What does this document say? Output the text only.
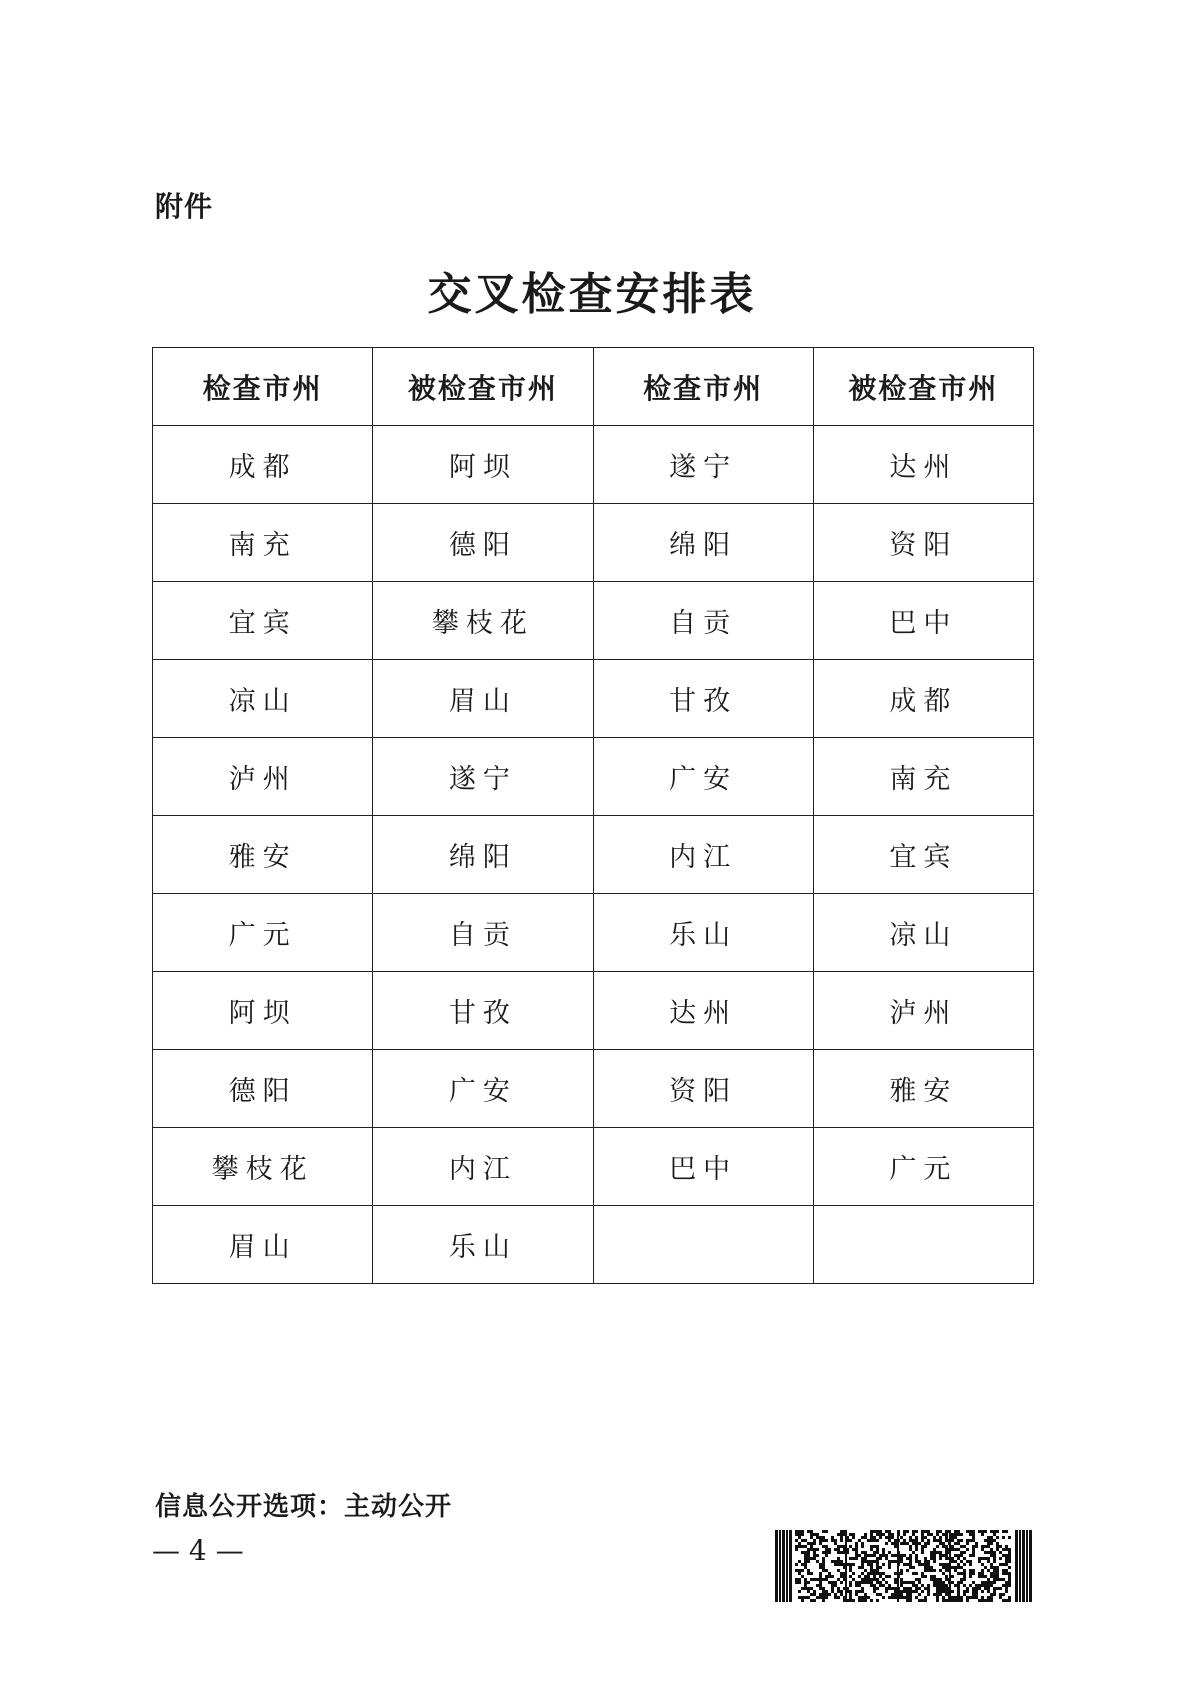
附件
交叉检查安排表
检查市州	被检查市州	检查市州	被检查市州
成都	阿坝	遂宁	达州
南充	德阳	绵阳	资阳
宜宾	攀枝花	自贡	巴中
凉山	眉山	甘孜	成都
泸州	遂宁	广安	南充
雅安	绵阳	内江	宜宾
广元	自贡	乐山	凉山
阿坝	甘孜	达州	泸州
德阳	广安	资阳	雅安
攀枝花	内江	巴中	广元
眉山	乐山		
信息公开选项：主动公开
— 4 —
